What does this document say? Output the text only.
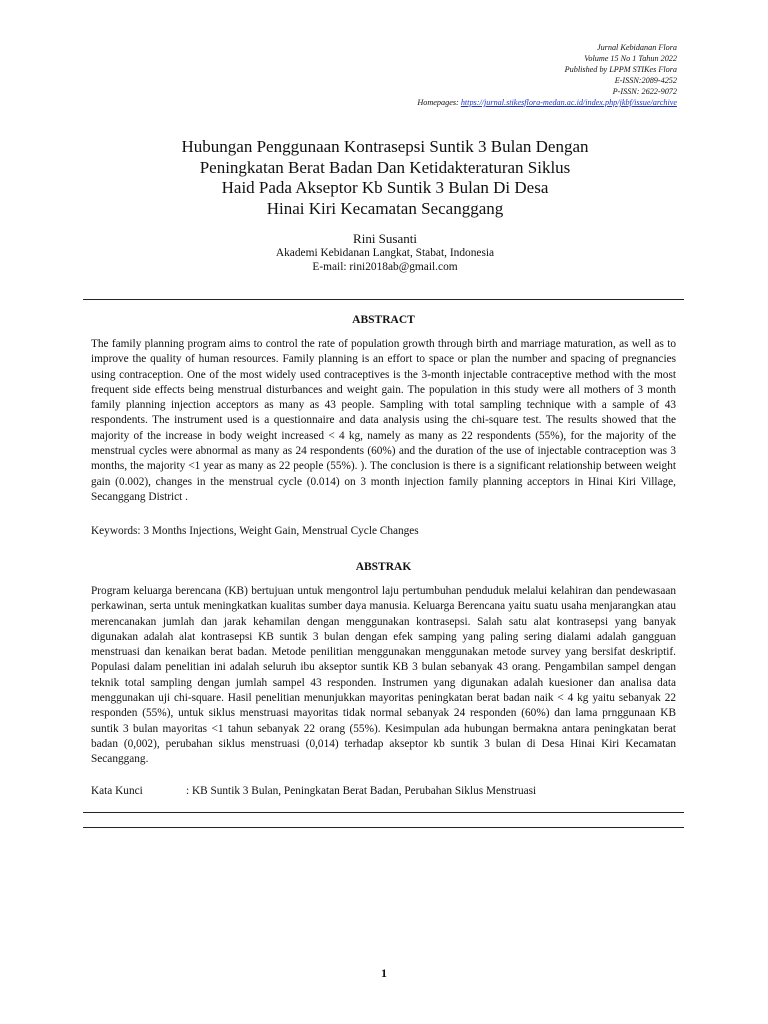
Jurnal Kebidanan Flora
Volume 15 No 1 Tahun 2022
Published by LPPM STIKes Flora
E-ISSN:2089-4252
P-ISSN: 2622-9072
Homepages: https://jurnal.stikesflora-medan.ac.id/index.php/jkbf/issue/archive
Hubungan Penggunaan Kontrasepsi Suntik 3 Bulan Dengan
Peningkatan Berat Badan Dan Ketidakteraturan Siklus
Haid Pada Akseptor Kb Suntik 3 Bulan Di Desa
Hinai Kiri Kecamatan Secanggang
Rini Susanti
Akademi Kebidanan Langkat, Stabat, Indonesia
E-mail: rini2018ab@gmail.com
ABSTRACT
The family planning program aims to control the rate of population growth through birth and marriage maturation, as well as to improve the quality of human resources. Family planning is an effort to space or plan the number and spacing of pregnancies using contraception. One of the most widely used contraceptives is the 3-month injectable contraceptive method with the most frequent side effects being menstrual disturbances and weight gain. The population in this study were all mothers of 3 month family planning injection acceptors as many as 43 people. Sampling with total sampling technique with a sample of 43 respondents. The instrument used is a questionnaire and data analysis using the chi-square test. The results showed that the majority of the increase in body weight increased < 4 kg, namely as many as 22 respondents (55%), for the majority of the menstrual cycles were abnormal as many as 24 respondents (60%) and the duration of the use of injectable contraception was 3 months, the majority <1 year as many as 22 people (55%). ). The conclusion is there is a significant relationship between weight gain (0.002), changes in the menstrual cycle (0.014) on 3 month injection family planning acceptors in Hinai Kiri Village, Secanggang District .
Keywords: 3 Months Injections, Weight Gain, Menstrual Cycle Changes
ABSTRAK
Program keluarga berencana (KB) bertujuan untuk mengontrol laju pertumbuhan penduduk melalui kelahiran dan pendewasaan perkawinan, serta untuk meningkatkan kualitas sumber daya manusia. Keluarga Berencana yaitu suatu usaha menjarangkan atau merencanakan jumlah dan jarak kehamilan dengan menggunakan kontrasepsi. Salah satu alat kontrasepsi yang banyak digunakan adalah alat kontrasepsi KB suntik 3 bulan dengan efek samping yang paling sering dialami adalah gangguan menstruasi dan kenaikan berat badan. Metode penilitian menggunakan menggunakan metode survey yang bersifat deskriptif. Populasi dalam penelitian ini adalah seluruh ibu akseptor suntik KB 3 bulan sebanyak 43 orang. Pengambilan sampel dengan teknik total sampling dengan jumlah sampel 43 responden. Instrumen yang digunakan adalah kuesioner dan analisa data menggunakan uji chi-square. Hasil penelitian menunjukkan mayoritas peningkatan berat badan naik < 4 kg yaitu sebanyak 22 responden (55%), untuk siklus menstruasi mayoritas tidak normal sebanyak 24 responden (60%) dan lama prnggunaan KB suntik 3 bulan mayoritas <1 tahun sebanyak 22 orang (55%). Kesimpulan ada hubungan bermakna antara peningkatan berat badan (0,002), perubahan siklus menstruasi (0,014) terhadap akseptor kb suntik 3 bulan di Desa Hinai Kiri Kecamatan Secanggang.
Kata Kunci	: KB Suntik 3 Bulan, Peningkatan Berat Badan, Perubahan Siklus Menstruasi
1
